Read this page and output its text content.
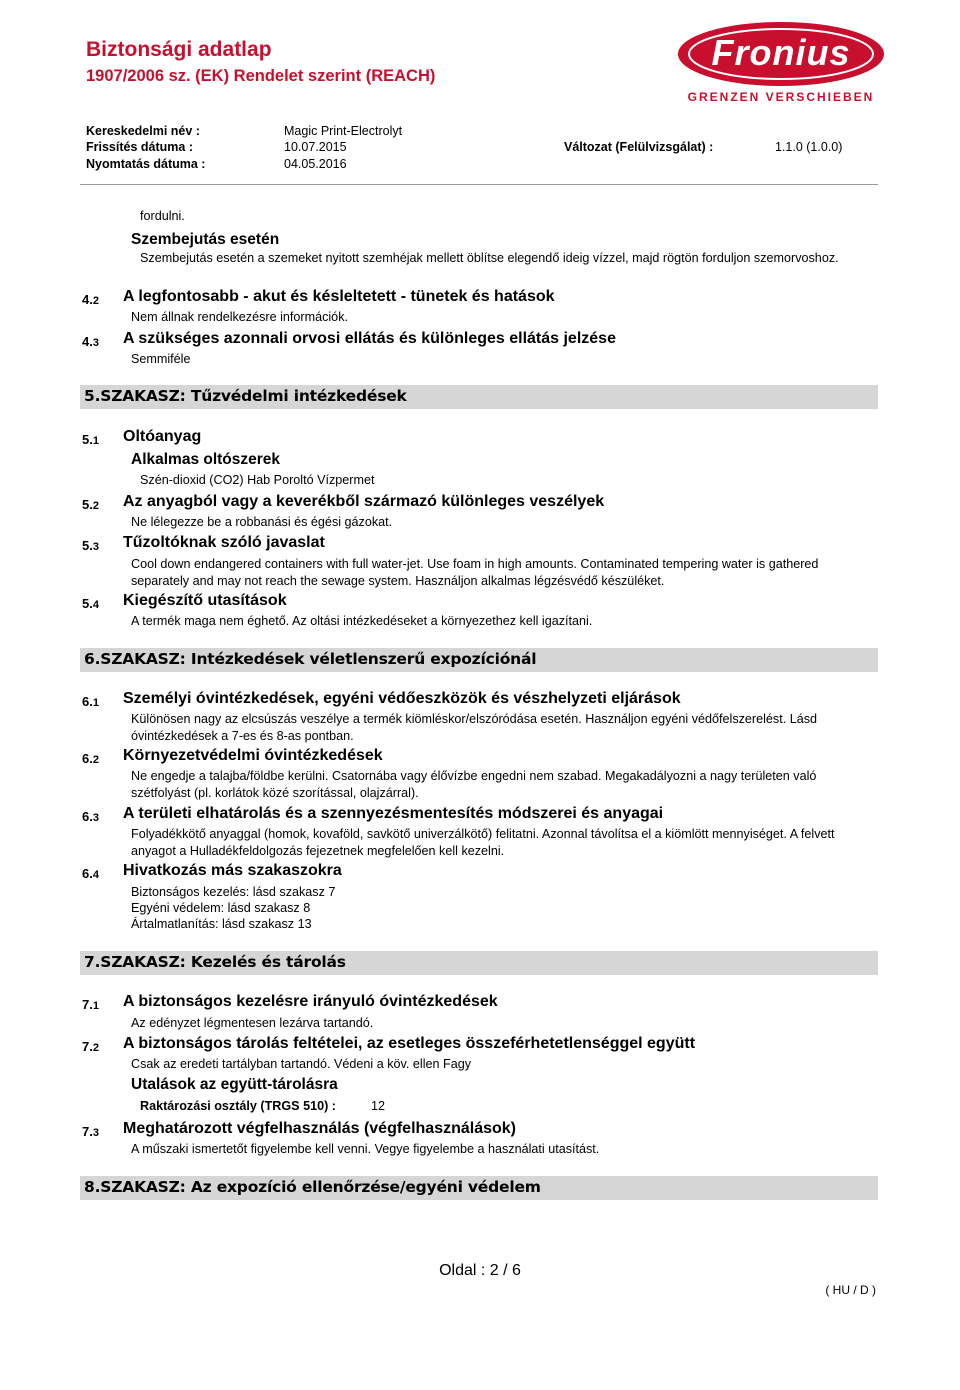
Biztonsági adatlap
1907/2006 sz. (EK) Rendelet szerint (REACH)
Fronius
GRENZEN VERSCHIEBEN
Kereskedelmi név :	Magic Print-Electrolyt
Frissítés dátuma :	10.07.2015	Változat (Felülvizsgálat) :	1.1.0 (1.0.0)
Nyomtatás dátuma :	04.05.2016
fordulni.
Szembejutás esetén
Szembejutás esetén a szemeket nyitott szemhéjak mellett öblítse elegendő ideig vízzel, majd rögtön forduljon szemorvoshoz.
4.2 A legfontosabb - akut és késleltetett - tünetek és hatások
Nem állnak rendelkezésre információk.
4.3 A szükséges azonnali orvosi ellátás és különleges ellátás jelzése
Semmiféle
5.SZAKASZ: Tűzvédelmi intézkedések
5.1 Oltóanyag
Alkalmas oltószerek
Szén-dioxid (CO2) Hab Poroltó Vízpermet
5.2 Az anyagból vagy a keverékből származó különleges veszélyek
Ne lélegezze be a robbanási és égési gázokat.
5.3 Tűzoltóknak szóló javaslat
Cool down endangered containers with full water-jet. Use foam in high amounts. Contaminated tempering water is gathered separately and may not reach the sewage system. Használjon alkalmas légzésvédő készüléket.
5.4 Kiegészítő utasítások
A termék maga nem éghető. Az oltási intézkedéseket a környezethez kell igazítani.
6.SZAKASZ: Intézkedések véletlenszerű expozíciónál
6.1 Személyi óvintézkedések, egyéni védőeszközök és vészhelyzeti eljárások
Különösen nagy az elcsúszás veszélye a termék kiömléskor/elszóródása esetén. Használjon egyéni védőfelszerelést. Lásd óvintézkedések a 7-es és 8-as pontban.
6.2 Környezetvédelmi óvintézkedések
Ne engedje a talajba/földbe kerülni. Csatornába vagy élővízbe engedni nem szabad. Megakadályozni a nagy területen való szétfolyást (pl. korlátok közé szorítással, olajzárral).
6.3 A területi elhatárolás és a szennyezésmentesítés módszerei és anyagai
Folyadékkötő anyaggal (homok, kovaföld, savkötő univerzálkötő) felitatni. Azonnal távolítsa el a kiömlött mennyiséget. A felvett anyagot a Hulladékfeldolgozás fejezetnek megfelelően kell kezelni.
6.4 Hivatkozás más szakaszokra
Biztonságos kezelés: lásd szakasz 7
Egyéni védelem: lásd szakasz 8
Ártalmatlanítás: lásd szakasz 13
7.SZAKASZ: Kezelés és tárolás
7.1 A biztonságos kezelésre irányuló óvintézkedések
Az edényzet légmentesen lezárva tartandó.
7.2 A biztonságos tárolás feltételei, az esetleges összeférhetetlenséggel együtt
Csak az eredeti tartályban tartandó. Védeni a köv. ellen Fagy
Utalások az együtt-tárolásra
Raktározási osztály (TRGS 510) :	12
7.3 Meghatározott végfelhasználás (végfelhasználások)
A műszaki ismertetőt figyelembe kell venni. Vegye figyelembe a használati utasítást.
8.SZAKASZ: Az expozíció ellenőrzése/egyéni védelem
Oldal : 2 / 6
( HU / D )
